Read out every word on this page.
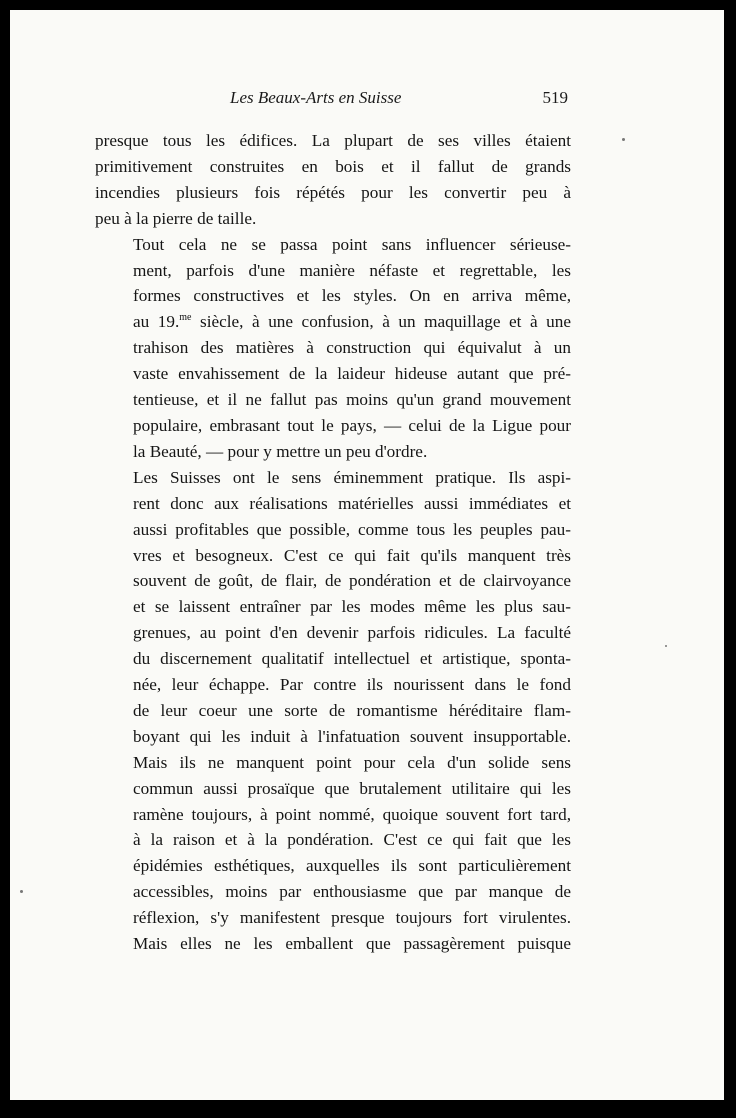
Les Beaux-Arts en Suisse	519

presque tous les édifices. La plupart de ses villes étaient
primitivement construites en bois et il fallut de grands
incendies plusieurs fois répétés pour les convertir peu à
peu à la pierre de taille.

Tout cela ne se passa point sans influencer sérieuse-
ment, parfois d'une manière néfaste et regrettable, les
formes constructives et les styles. On en arriva même,
au 19.$^{me}$ siècle, à une confusion, à un maquillage et à une
trahison des matières à construction qui équivalut à un
vaste envahissement de la laideur hideuse autant que pré-
tentieuse, et il ne fallut pas moins qu'un grand mouvement
populaire, embrasant tout le pays, — celui de la Ligue pour
la Beauté, — pour y mettre un peu d'ordre.

Les Suisses ont le sens éminemment pratique. Ils aspi-
rent donc aux réalisations matérielles aussi immédiates et
aussi profitables que possible, comme tous les peuples pau-
vres et besogneux. C'est ce qui fait qu'ils manquent très
souvent de goût, de flair, de pondération et de clairvoyance
et se laissent entraîner par les modes même les plus sau-
grenues, au point d'en devenir parfois ridicules. La faculté
du discernement qualitatif intellectuel et artistique, sponta-
née, leur échappe. Par contre ils nourissent dans le fond
de leur coeur une sorte de romantisme héréditaire flam-
boyant qui les induit à l'infatuation souvent insupportable.
Mais ils ne manquent point pour cela d'un solide sens
commun aussi prosaïque que brutalement utilitaire qui les
ramène toujours, à point nommé, quoique souvent fort tard,
à la raison et à la pondération. C'est ce qui fait que les
épidémies esthétiques, auxquelles ils sont particulièrement
accessibles, moins par enthousiasme que par manque de
réflexion, s'y manifestent presque toujours fort virulentes.
Mais elles ne les emballent que passagèrement puisque
